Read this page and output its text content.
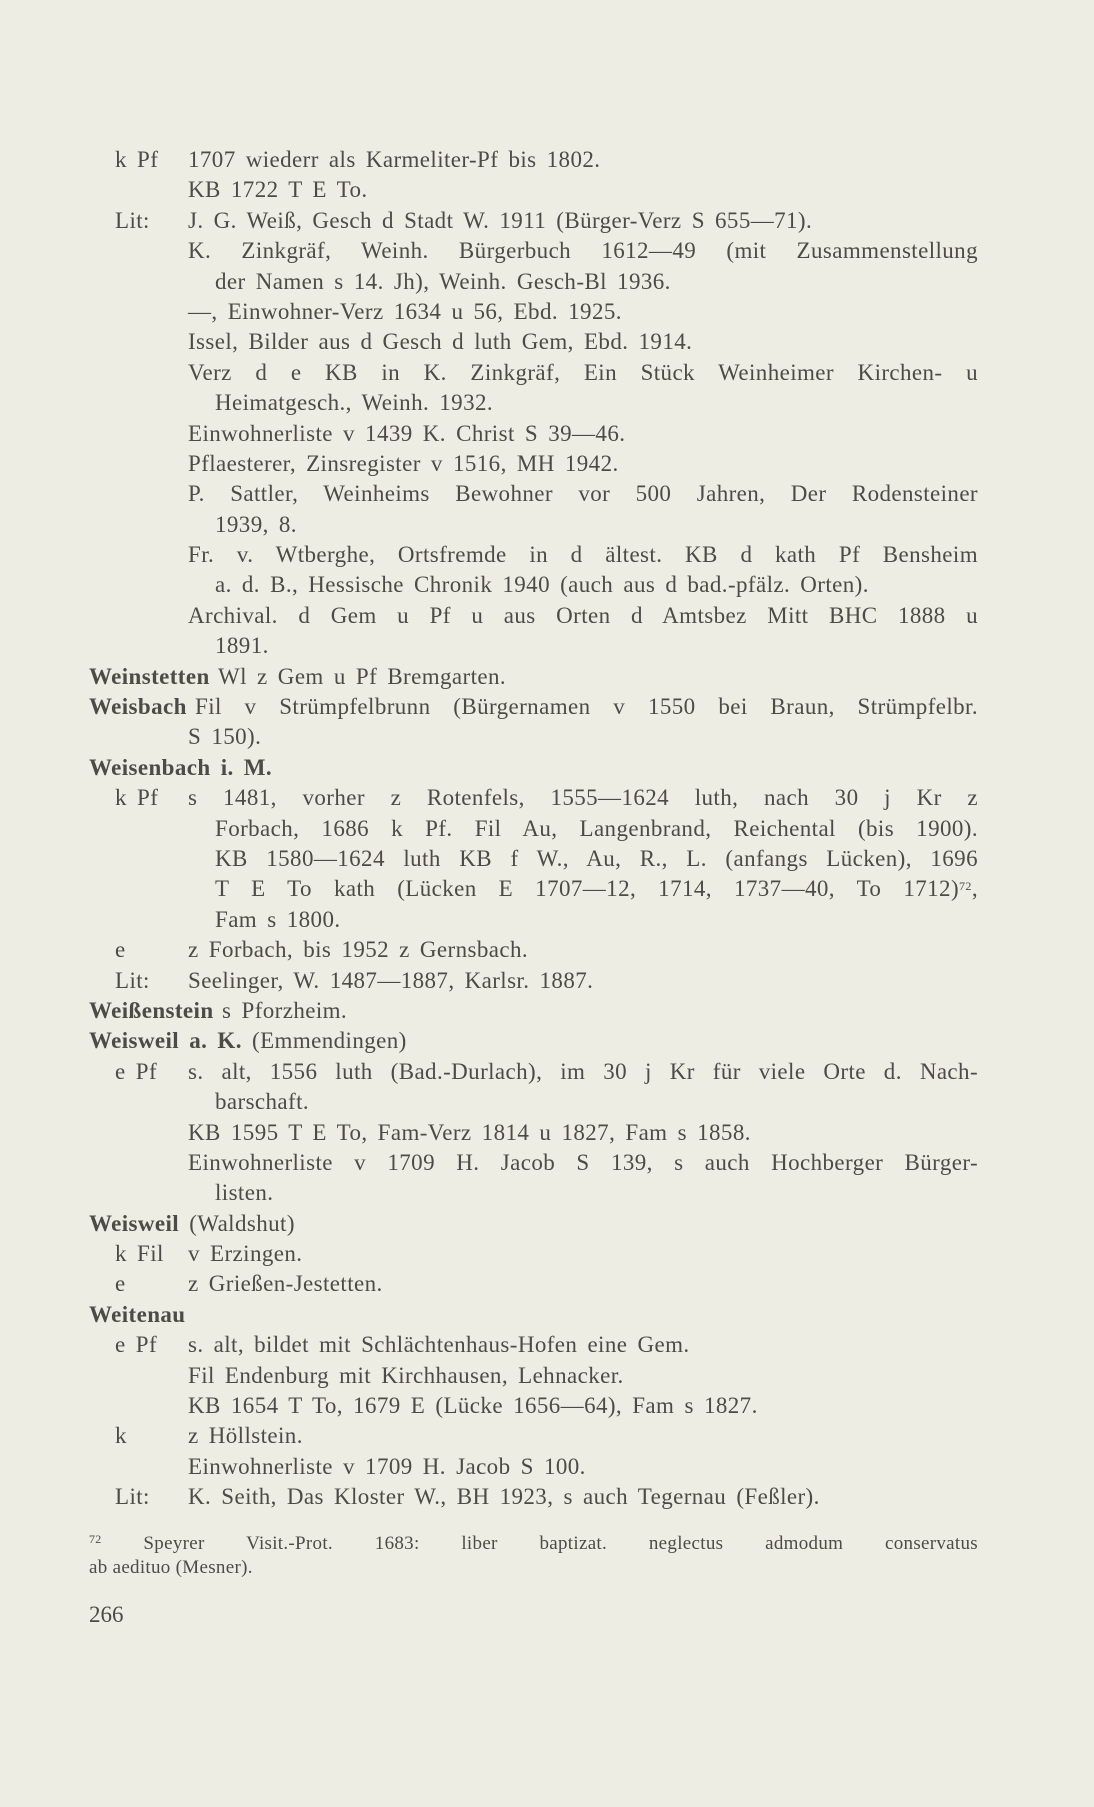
k Pf 1707 wiederr als Karmeliter-Pf bis 1802.
KB 1722 T E To.
Lit: J. G. Weiß, Gesch d Stadt W. 1911 (Bürger-Verz S 655—71).
K. Zinkgräf, Weinh. Bürgerbuch 1612—49 (mit Zusammenstellung
der Namen s 14. Jh), Weinh. Gesch-Bl 1936.
—, Einwohner-Verz 1634 u 56, Ebd. 1925.
Issel, Bilder aus d Gesch d luth Gem, Ebd. 1914.
Verz d e KB in K. Zinkgräf, Ein Stück Weinheimer Kirchen- u
Heimatgesch., Weinh. 1932.
Einwohnerliste v 1439 K. Christ S 39—46.
Pflaesterer, Zinsregister v 1516, MH 1942.
P. Sattler, Weinheims Bewohner vor 500 Jahren, Der Rodensteiner
1939, 8.
Fr. v. Wtberghe, Ortsfremde in d ältest. KB d kath Pf Bensheim
a. d. B., Hessische Chronik 1940 (auch aus d bad.-pfälz. Orten).
Archival. d Gem u Pf u aus Orten d Amtsbez Mitt BHC 1888 u
1891.
Weinstetten Wl z Gem u Pf Bremgarten.
Weisbach Fil v Strümpfelbrunn (Bürgernamen v 1550 bei Braun, Strümpfelbr.
S 150).
Weisenbach i. M.
k Pf s 1481, vorher z Rotenfels, 1555—1624 luth, nach 30 j Kr z
Forbach, 1686 k Pf. Fil Au, Langenbrand, Reichental (bis 1900).
KB 1580—1624 luth KB f W., Au, R., L. (anfangs Lücken), 1696
T E To kath (Lücken E 1707—12, 1714, 1737—40, To 1712)$^{72}$,
Fam s 1800.
e	z Forbach, bis 1952 z Gernsbach.
Lit: Seelinger, W. 1487—1887, Karlsr. 1887.
Weißenstein s Pforzheim.
Weisweil a. K. (Emmendingen)
e Pf s. alt, 1556 luth (Bad.-Durlach), im 30 j Kr für viele Orte d. Nach-
barschaft.
KB 1595 T E To, Fam-Verz 1814 u 1827, Fam s 1858.
Einwohnerliste v 1709 H. Jacob S 139, s auch Hochberger Bürger-
listen.
Weisweil (Waldshut)
k Fil v Erzingen.
e	z Grießen-Jestetten.
Weitenau
e Pf s. alt, bildet mit Schlächtenhaus-Hofen eine Gem.
Fil Endenburg mit Kirchhausen, Lehnacker.
KB 1654 T To, 1679 E (Lücke 1656—64), Fam s 1827.
k	z Höllstein.
Einwohnerliste v 1709 H. Jacob S 100.
Lit: K. Seith, Das Kloster W., BH 1923, s auch Tegernau (Feßler).
$^{72}$ Speyrer Visit.-Prot. 1683: liber baptizat. neglectus admodum conservatus
ab aedituo (Mesner).
266
